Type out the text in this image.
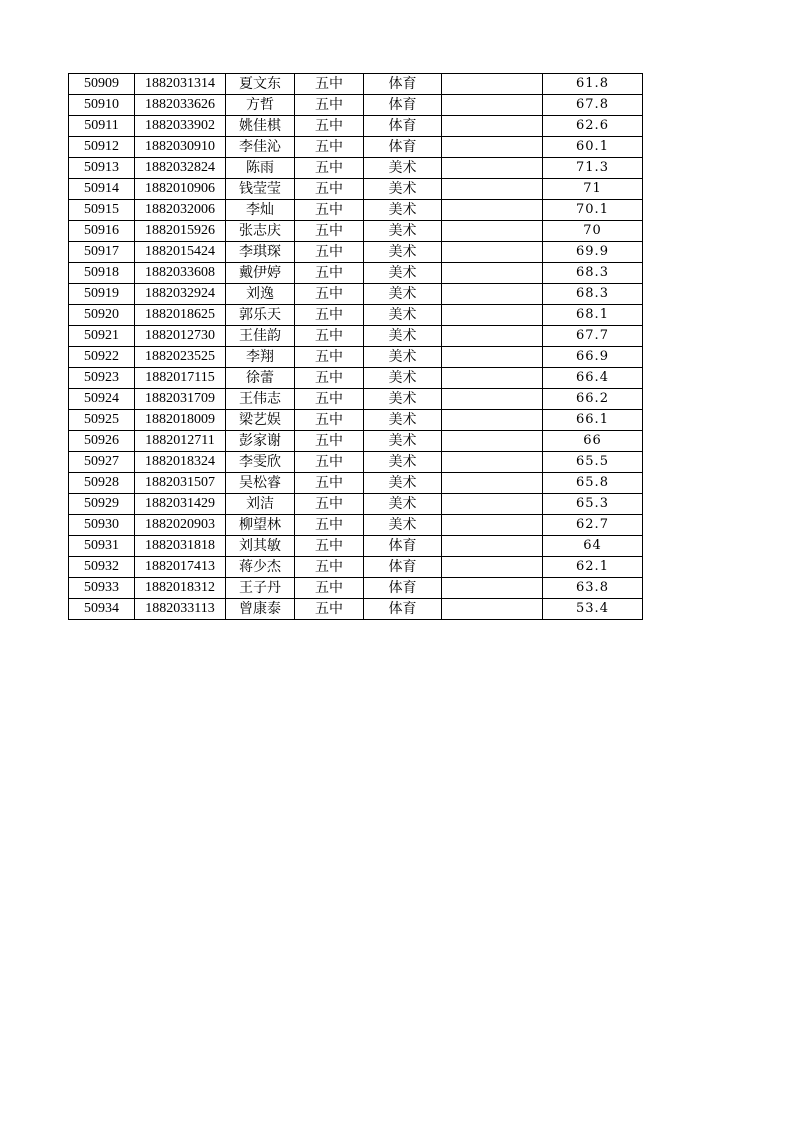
50909	1882031314	夏文东	五中	体育		61.8
50910	1882033626	方哲	五中	体育		67.8
50911	1882033902	姚佳棋	五中	体育		62.6
50912	1882030910	李佳沁	五中	体育		60.1
50913	1882032824	陈雨	五中	美术		71.3
50914	1882010906	钱莹莹	五中	美术		71
50915	1882032006	李灿	五中	美术		70.1
50916	1882015926	张志庆	五中	美术		70
50917	1882015424	李琪琛	五中	美术		69.9
50918	1882033608	戴伊婷	五中	美术		68.3
50919	1882032924	刘逸	五中	美术		68.3
50920	1882018625	郭乐天	五中	美术		68.1
50921	1882012730	王佳韵	五中	美术		67.7
50922	1882023525	李翔	五中	美术		66.9
50923	1882017115	徐蕾	五中	美术		66.4
50924	1882031709	王伟志	五中	美术		66.2
50925	1882018009	梁艺娱	五中	美术		66.1
50926	1882012711	彭家谢	五中	美术		66
50927	1882018324	李雯欣	五中	美术		65.5
50928	1882031507	吴松睿	五中	美术		65.8
50929	1882031429	刘洁	五中	美术		65.3
50930	1882020903	柳望林	五中	美术		62.7
50931	1882031818	刘其敏	五中	体育		64
50932	1882017413	蒋少杰	五中	体育		62.1
50933	1882018312	王子丹	五中	体育		63.8
50934	1882033113	曾康泰	五中	体育		53.4
